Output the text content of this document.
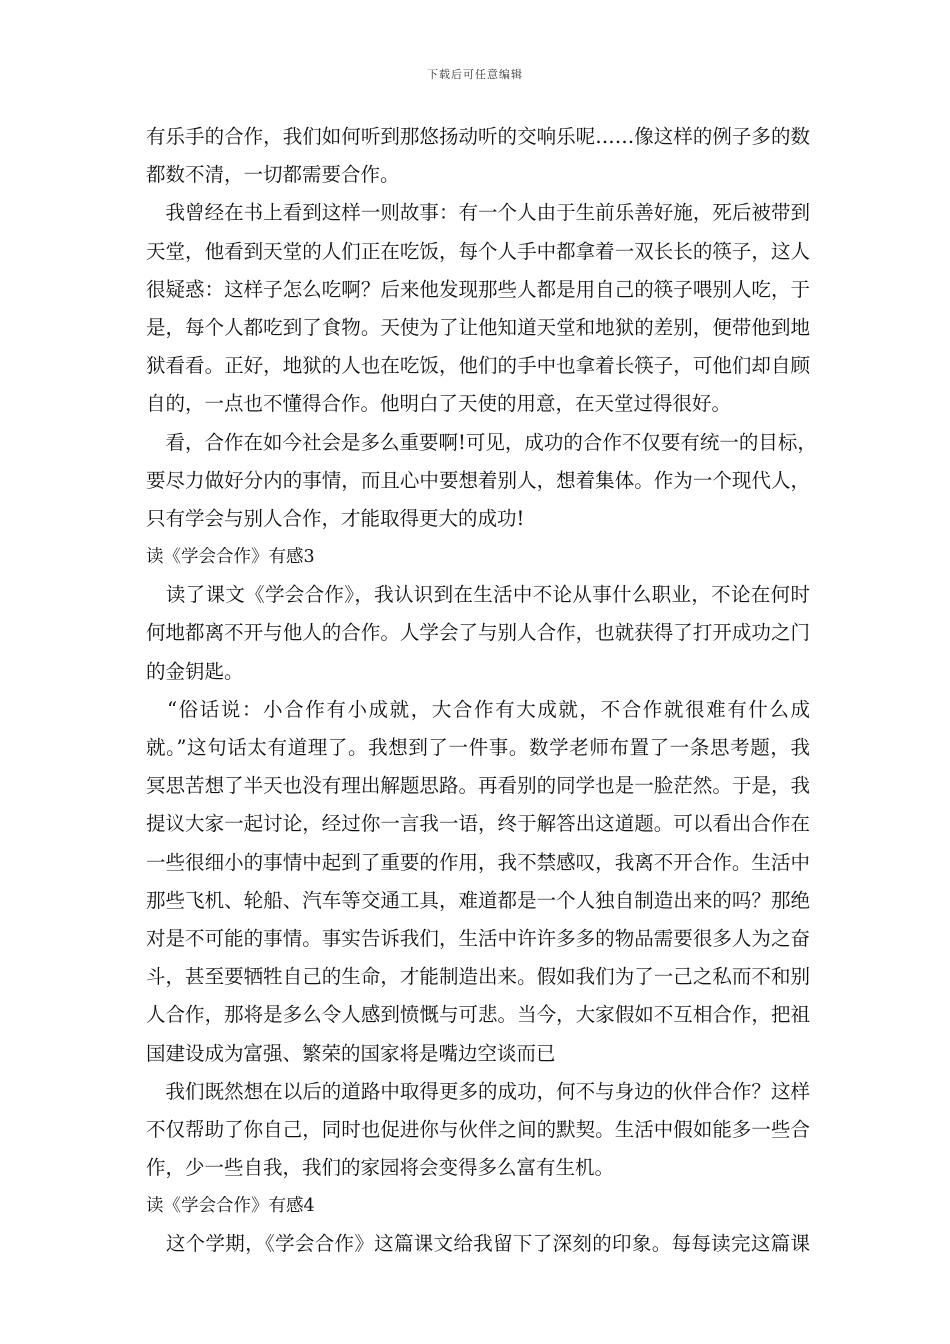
下载后可任意编辑
有乐手的合作，我们如何听到那悠扬动听的交响乐呢……像这样的例子多的数
都数不清，一切都需要合作。
　我曾经在书上看到这样一则故事：有一个人由于生前乐善好施，死后被带到
天堂，他看到天堂的人们正在吃饭，每个人手中都拿着一双长长的筷子，这人
很疑惑：这样子怎么吃啊？后来他发现那些人都是用自己的筷子喂别人吃，于
是，每个人都吃到了食物。天使为了让他知道天堂和地狱的差别，便带他到地
狱看看。正好，地狱的人也在吃饭，他们的手中也拿着长筷子，可他们却自顾
自的，一点也不懂得合作。他明白了天使的用意，在天堂过得很好。
　看，合作在如今社会是多么重要啊!可见，成功的合作不仅要有统一的目标，
要尽力做好分内的事情，而且心中要想着别人，想着集体。作为一个现代人，
只有学会与别人合作，才能取得更大的成功!
读《学会合作》有感3
　读了课文《学会合作》，我认识到在生活中不论从事什么职业，不论在何时
何地都离不开与他人的合作。人学会了与别人合作，也就获得了打开成功之门
的金钥匙。
　“俗话说：小合作有小成就，大合作有大成就，不合作就很难有什么成
就。”这句话太有道理了。我想到了一件事。数学老师布置了一条思考题，我
冥思苦想了半天也没有理出解题思路。再看别的同学也是一脸茫然。于是，我
提议大家一起讨论，经过你一言我一语，终于解答出这道题。可以看出合作在
一些很细小的事情中起到了重要的作用，我不禁感叹，我离不开合作。生活中
那些飞机、轮船、汽车等交通工具，难道都是一个人独自制造出来的吗？那绝
对是不可能的事情。事实告诉我们，生活中许许多多的物品需要很多人为之奋
斗，甚至要牺牲自己的生命，才能制造出来。假如我们为了一己之私而不和别
人合作，那将是多么令人感到愤慨与可悲。当今，大家假如不互相合作，把祖
国建设成为富强、繁荣的国家将是嘴边空谈而已
　我们既然想在以后的道路中取得更多的成功，何不与身边的伙伴合作？这样
不仅帮助了你自己，同时也促进你与伙伴之间的默契。生活中假如能多一些合
作，少一些自我，我们的家园将会变得多么富有生机。
读《学会合作》有感4
　这个学期，《学会合作》这篇课文给我留下了深刻的印象。每每读完这篇课
